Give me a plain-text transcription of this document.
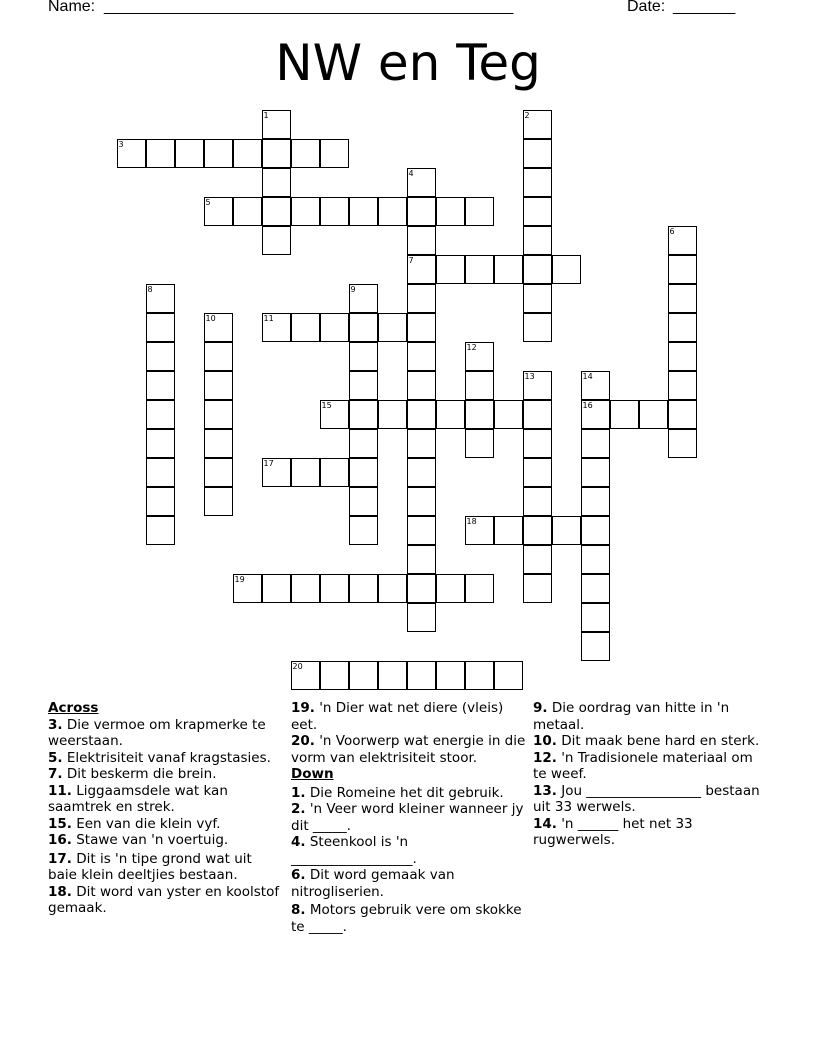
Name: ______________________________________________	Date: _______
NW en Teg
1	2
3
4
7
5
6
8	9
10	11
12
13	14
16
15
17
18
19
20
Across
3. Die vermoe om krapmerke te weerstaan.
5. Elektrisiteit vanaf kragstasies.
7. Dit beskerm die brein.
11. Liggaamsdele wat kan saamtrek en strek.
15. Een van die klein vyf.
16. Stawe van 'n voertuig.
17. Dit is 'n tipe grond wat uit baie klein deeltjies bestaan.
18. Dit word van yster en koolstof gemaak.
19. 'n Dier wat net diere (vleis) eet.
20. 'n Voorwerp wat energie in die vorm van elektrisiteit stoor.
Down
1. Die Romeine het dit gebruik.
2. 'n Veer word kleiner wanneer jy dit _____.
4. Steenkool is 'n __________________.
6. Dit word gemaak van nitrogliserien.
8. Motors gebruik vere om skokke te _____.
9. Die oordrag van hitte in 'n metaal.
10. Dit maak bene hard en sterk.
12. 'n Tradisionele materiaal om te weef.
13. Jou _________________ bestaan uit 33 werwels.
14. 'n ______ het net 33 rugwerwels.
